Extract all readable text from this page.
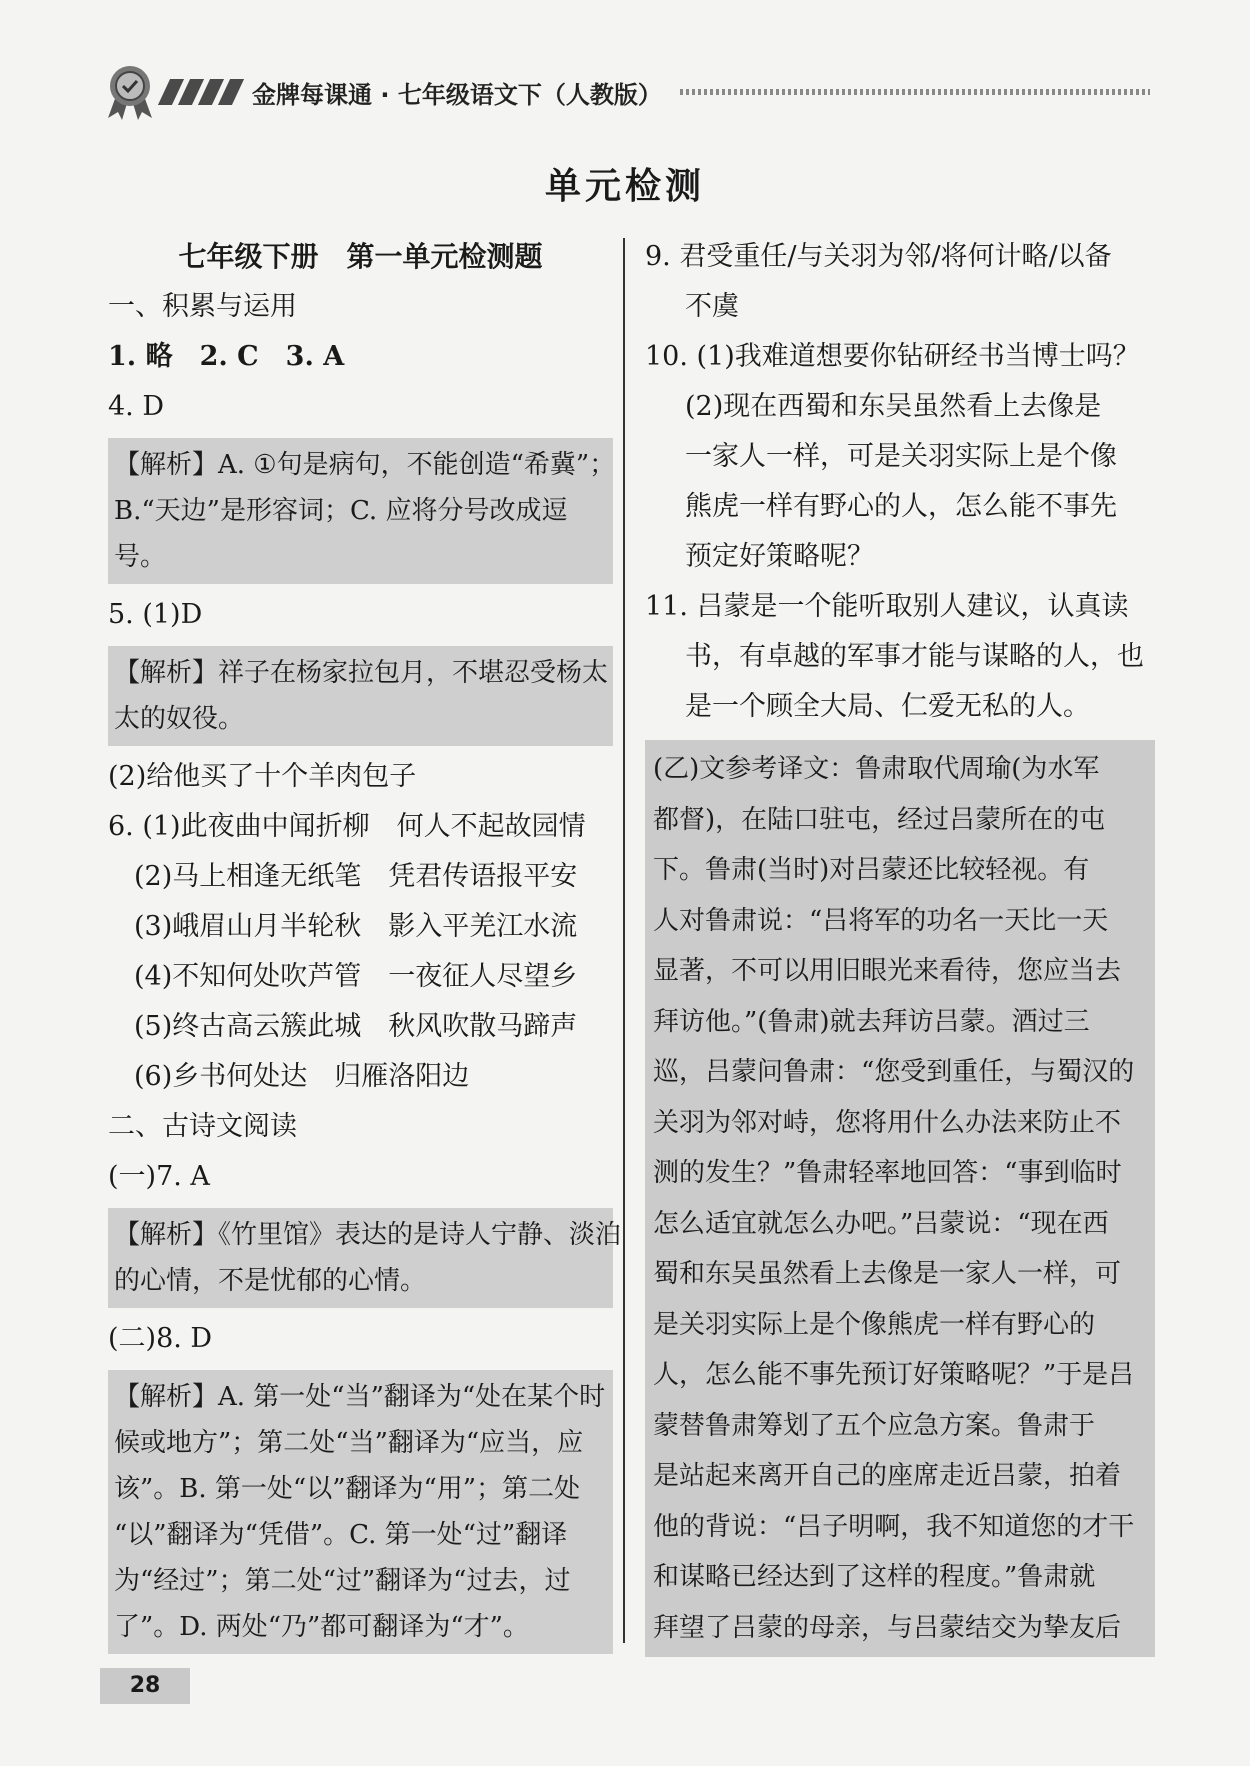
金牌每课通 · 七年级语文下（人教版）
单元检测
七年级下册　第一单元检测题
一、积累与运用
1. 略　2. C　3. A
4. D
【解析】A. ①句是病句，不能创造“希冀”；
B.“天边”是形容词；C. 应将分号改成逗
号。
5. (1)D
【解析】祥子在杨家拉包月，不堪忍受杨太
太的奴役。
(2)给他买了十个羊肉包子
6. (1)此夜曲中闻折柳　何人不起故园情
(2)马上相逢无纸笔　凭君传语报平安
(3)峨眉山月半轮秋　影入平羌江水流
(4)不知何处吹芦管　一夜征人尽望乡
(5)终古高云簇此城　秋风吹散马蹄声
(6)乡书何处达　归雁洛阳边
二、古诗文阅读
(一)7. A
【解析】《竹里馆》表达的是诗人宁静、淡泊
的心情，不是忧郁的心情。
(二)8. D
【解析】A. 第一处“当”翻译为“处在某个时
候或地方”；第二处“当”翻译为“应当，应
该”。B. 第一处“以”翻译为“用”；第二处
“以”翻译为“凭借”。C. 第一处“过”翻译
为“经过”；第二处“过”翻译为“过去，过
了”。D. 两处“乃”都可翻译为“才”。
9. 君受重任/与关羽为邻/将何计略/以备
不虞
10. (1)我难道想要你钻研经书当博士吗？
(2)现在西蜀和东吴虽然看上去像是
一家人一样，可是关羽实际上是个像
熊虎一样有野心的人，怎么能不事先
预定好策略呢？
11. 吕蒙是一个能听取别人建议，认真读
书，有卓越的军事才能与谋略的人，也
是一个顾全大局、仁爱无私的人。
(乙)文参考译文：鲁肃取代周瑜(为水军
都督)，在陆口驻屯，经过吕蒙所在的屯
下。鲁肃(当时)对吕蒙还比较轻视。有
人对鲁肃说：“吕将军的功名一天比一天
显著，不可以用旧眼光来看待，您应当去
拜访他。”(鲁肃)就去拜访吕蒙。酒过三
巡，吕蒙问鲁肃：“您受到重任，与蜀汉的
关羽为邻对峙，您将用什么办法来防止不
测的发生？”鲁肃轻率地回答：“事到临时
怎么适宜就怎么办吧。”吕蒙说：“现在西
蜀和东吴虽然看上去像是一家人一样，可
是关羽实际上是个像熊虎一样有野心的
人，怎么能不事先预订好策略呢？”于是吕
蒙替鲁肃筹划了五个应急方案。鲁肃于
是站起来离开自己的座席走近吕蒙，拍着
他的背说：“吕子明啊，我不知道您的才干
和谋略已经达到了这样的程度。”鲁肃就
拜望了吕蒙的母亲，与吕蒙结交为挚友后
28
